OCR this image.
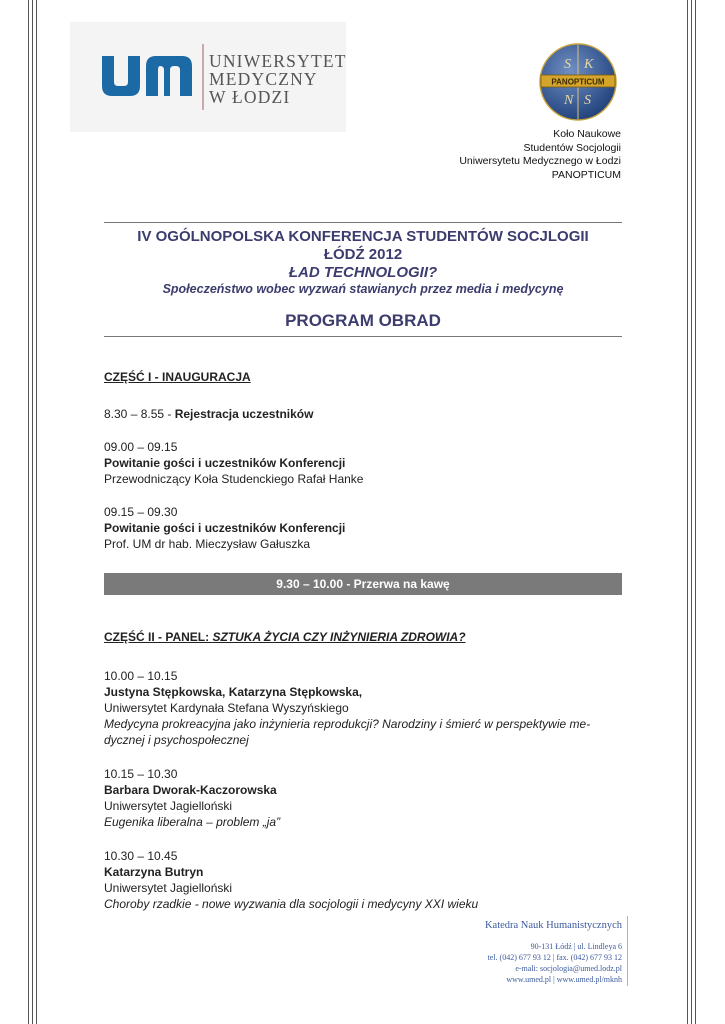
UNIWERSYTET
MEDYCZNY
W ŁODZI
S K
N S
PANOPTICUM
Koło Naukowe
Studentów Socjologii
Uniwersytetu Medycznego w Łodzi
PANOPTICUM
IV OGÓLNOPOLSKA KONFERENCJA STUDENTÓW SOCJLOGII
ŁÓDŹ 2012
ŁAD TECHNOLOGII?
Społeczeństwo wobec wyzwań stawianych przez media i medycynę
PROGRAM OBRAD
CZĘŚĆ I - INAUGURACJA
8.30 – 8.55 - Rejestracja uczestników
09.00 – 09.15
Powitanie gości i uczestników Konferencji
Przewodniczący Koła Studenckiego Rafał Hanke
09.15 – 09.30
Powitanie gości i uczestników Konferencji
Prof. UM dr hab. Mieczysław Gałuszka
9.30 – 10.00 - Przerwa na kawę
CZĘŚĆ II - PANEL: SZTUKA ŻYCIA CZY INŻYNIERIA ZDROWIA?
10.00 – 10.15
Justyna Stępkowska, Katarzyna Stępkowska,
Uniwersytet Kardynała Stefana Wyszyńskiego
Medycyna prokreacyjna jako inżynieria reprodukcji? Narodziny i śmierć w perspektywie me-dycznej i psychospołecznej
10.15 – 10.30
Barbara Dworak-Kaczorowska
Uniwersytet Jagielloński
Eugenika liberalna – problem „ja”
10.30 – 10.45
Katarzyna Butryn
Uniwersytet Jagielloński
Choroby rzadkie - nowe wyzwania dla socjologii i medycyny XXI wieku
Katedra Nauk Humanistycznych
90-131 Łódź | ul. Lindleya 6
tel. (042) 677 93 12 | fax. (042) 677 93 12
e-mali: socjologia@umed.lodz.pl
www.umed.pl | www.umed.pl/mknh
